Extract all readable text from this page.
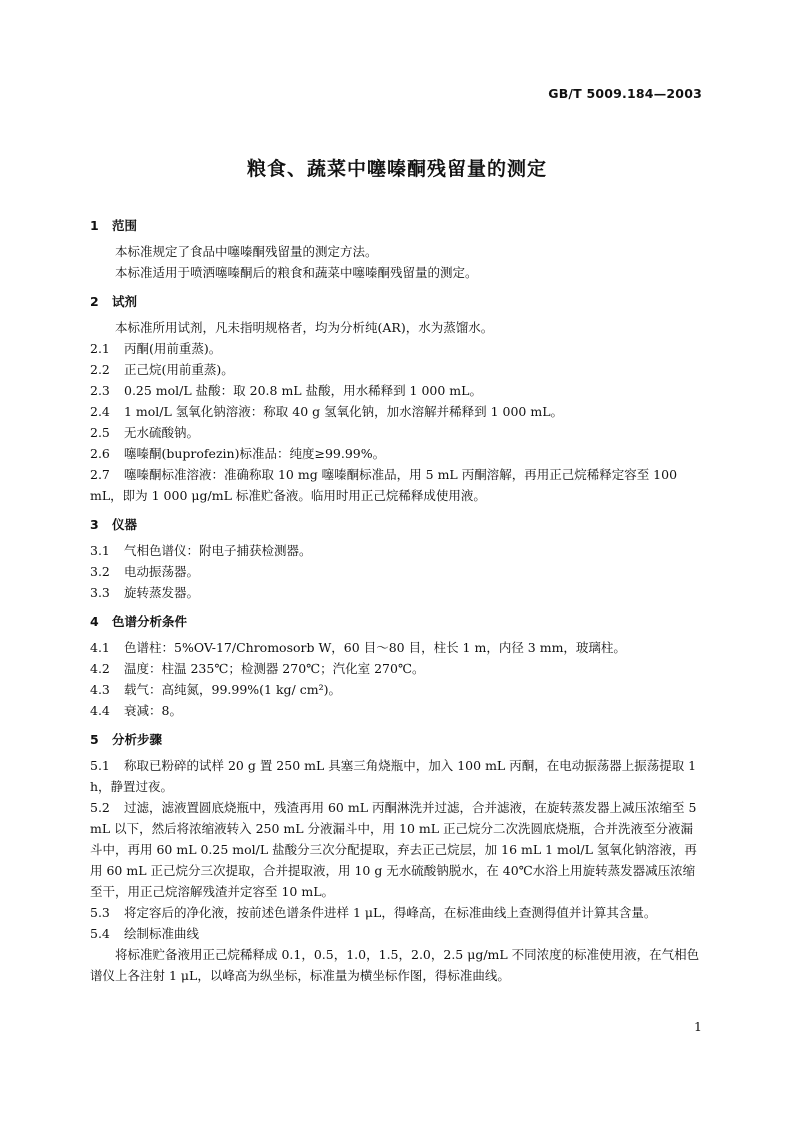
GB/T 5009.184—2003
粮食、蔬菜中噻嗪酮残留量的测定
1 范围

本标准规定了食品中噻嗪酮残留量的测定方法。

本标准适用于喷洒噻嗪酮后的粮食和蔬菜中噻嗪酮残留量的测定。

2 试剂

本标准所用试剂，凡未指明规格者，均为分析纯(AR)，水为蒸馏水。

2.1 丙酮(用前重蒸)。

2.2 正己烷(用前重蒸)。

2.3 0.25 mol/L 盐酸：取 20.8 mL 盐酸，用水稀释到 1 000 mL。

2.4 1 mol/L 氢氧化钠溶液：称取 40 g 氢氧化钠，加水溶解并稀释到 1 000 mL。

2.5 无水硫酸钠。

2.6 噻嗪酮(buprofezin)标准品：纯度≥99.99%。

2.7 噻嗪酮标准溶液：准确称取 10 mg 噻嗪酮标准品，用 5 mL 丙酮溶解，再用正己烷稀释定容至 100 mL，即为 1 000 μg/mL 标准贮备液。临用时用正己烷稀释成使用液。

3 仪器

3.1 气相色谱仪：附电子捕获检测器。

3.2 电动振荡器。

3.3 旋转蒸发器。

4 色谱分析条件

4.1 色谱柱：5%OV-17/Chromosorb W，60 目～80 目，柱长 1 m，内径 3 mm，玻璃柱。

4.2 温度：柱温 235℃；检测器 270℃；汽化室 270℃。

4.3 载气：高纯氮，99.99%(1 kg/ cm²)。

4.4 衰减：8。

5 分析步骤

5.1 称取已粉碎的试样 20 g 置 250 mL 具塞三角烧瓶中，加入 100 mL 丙酮，在电动振荡器上振荡提取 1 h，静置过夜。

5.2 过滤，滤液置圆底烧瓶中，残渣再用 60 mL 丙酮淋洗并过滤，合并滤液，在旋转蒸发器上减压浓缩至 5 mL 以下，然后将浓缩液转入 250 mL 分液漏斗中，用 10 mL 正己烷分二次洗圆底烧瓶，合并洗液至分液漏斗中，再用 60 mL 0.25 mol/L 盐酸分三次分配提取，弃去正己烷层，加 16 mL 1 mol/L 氢氧化钠溶液，再用 60 mL 正己烷分三次提取，合并提取液，用 10 g 无水硫酸钠脱水，在 40℃水浴上用旋转蒸发器减压浓缩至干，用正己烷溶解残渣并定容至 10 mL。

5.3 将定容后的净化液，按前述色谱条件进样 1 μL，得峰高，在标准曲线上查测得值并计算其含量。

5.4 绘制标准曲线

将标准贮备液用正己烷稀释成 0.1，0.5，1.0，1.5，2.0，2.5 μg/mL 不同浓度的标准使用液，在气相色谱仪上各注射 1 μL，以峰高为纵坐标，标准量为横坐标作图，得标准曲线。

1
